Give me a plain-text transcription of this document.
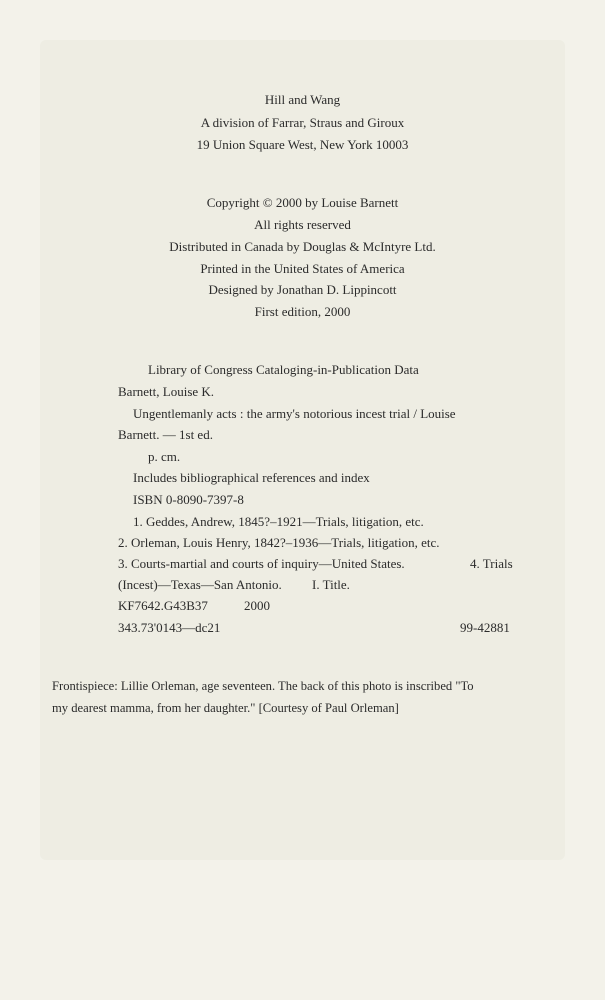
Hill and Wang
A division of Farrar, Straus and Giroux
19 Union Square West, New York 10003
Copyright © 2000 by Louise Barnett
All rights reserved
Distributed in Canada by Douglas & McIntyre Ltd.
Printed in the United States of America
Designed by Jonathan D. Lippincott
First edition, 2000
Library of Congress Cataloging-in-Publication Data
Barnett, Louise K.
Ungentlemanly acts : the army's notorious incest trial / Louise
Barnett. — 1st ed.
p. cm.
Includes bibliographical references and index
ISBN 0-8090-7397-8
1. Geddes, Andrew, 1845?–1921—Trials, litigation, etc.
2. Orleman, Louis Henry, 1842?–1936—Trials, litigation, etc.
3. Courts-martial and courts of inquiry—United States.	4. Trials
(Incest)—Texas—San Antonio. I. Title.
KF7642.G43B37	2000
343.73'0143—dc21	99-42881
Frontispiece: Lillie Orleman, age seventeen. The back of this photo is inscribed "To
my dearest mamma, from her daughter." [Courtesy of Paul Orleman]
